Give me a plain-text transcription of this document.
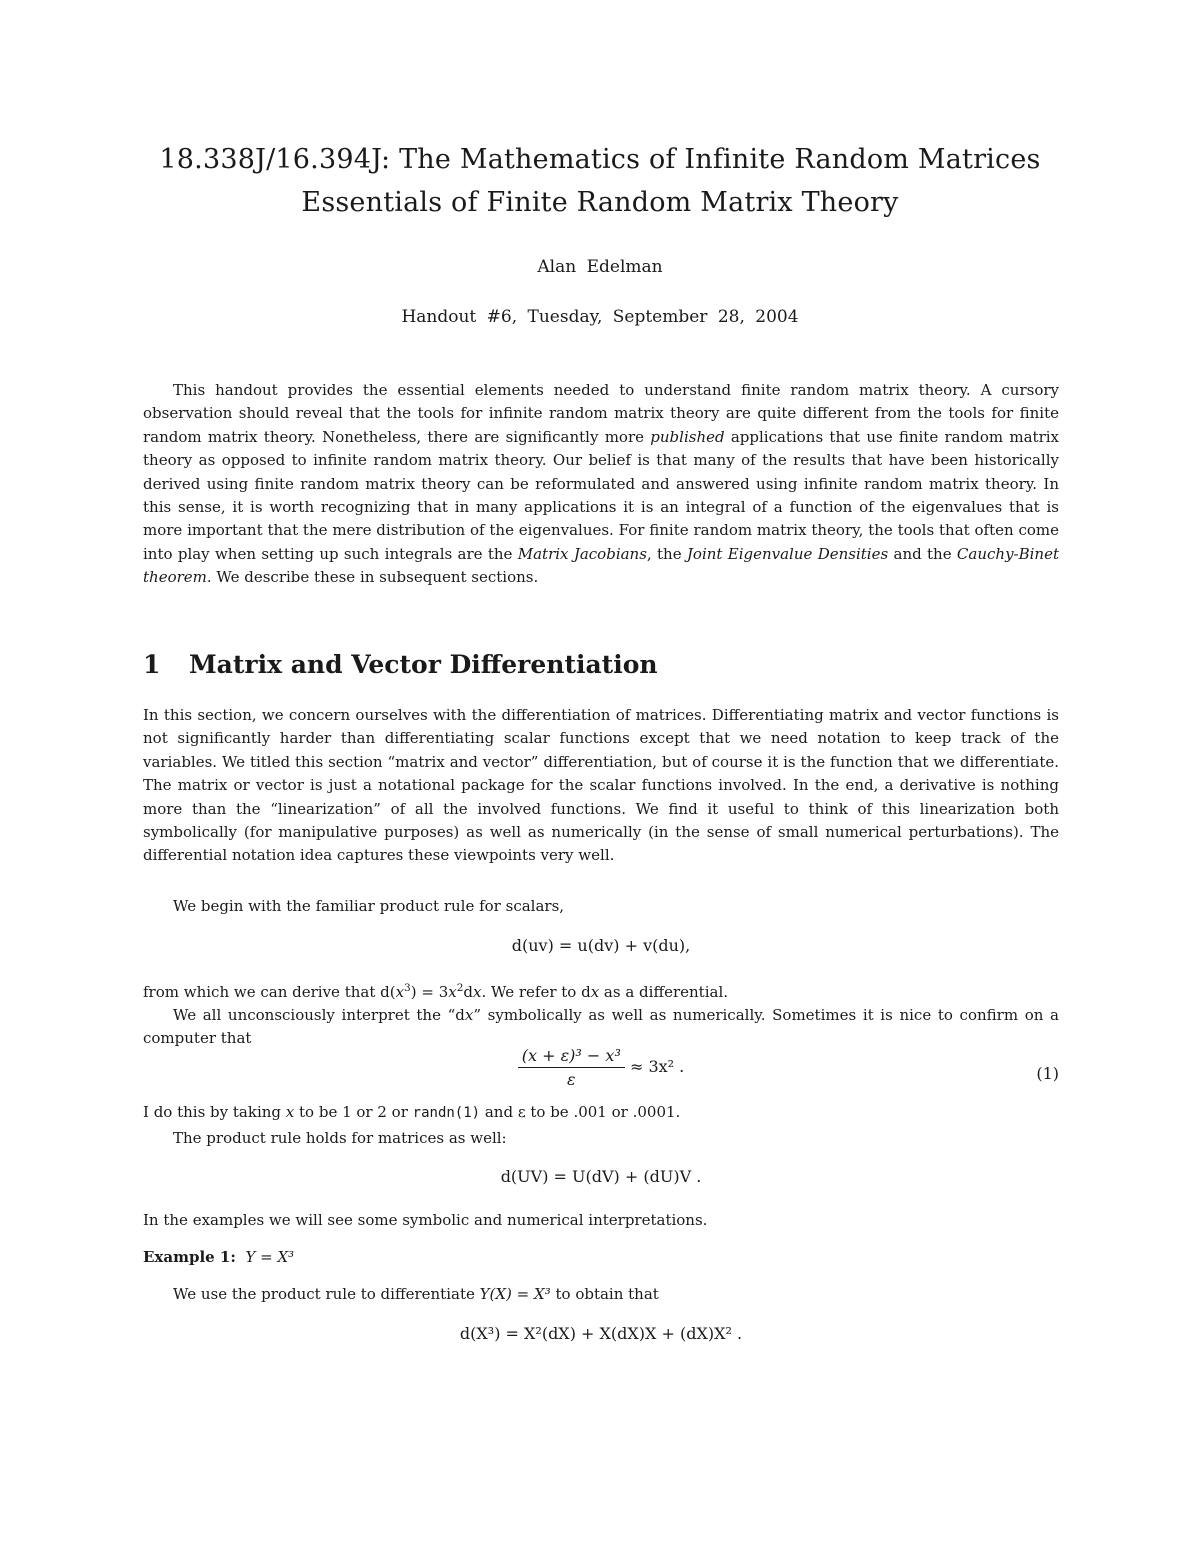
18.338J/16.394J: The Mathematics of Infinite Random Matrices
Essentials of Finite Random Matrix Theory
Alan Edelman
Handout #6, Tuesday, September 28, 2004

This handout provides the essential elements needed to understand finite random matrix theory. A cursory observation should reveal that the tools for infinite random matrix theory are quite different from the tools for finite random matrix theory. Nonetheless, there are significantly more published applications that use finite random matrix theory as opposed to infinite random matrix theory. Our belief is that many of the results that have been historically derived using finite random matrix theory can be reformulated and answered using infinite random matrix theory. In this sense, it is worth recognizing that in many applications it is an integral of a function of the eigenvalues that is more important that the mere distribution of the eigenvalues. For finite random matrix theory, the tools that often come into play when setting up such integrals are the Matrix Jacobians, the Joint Eigenvalue Densities and the Cauchy-Binet theorem. We describe these in subsequent sections.

1 Matrix and Vector Differentiation

In this section, we concern ourselves with the differentiation of matrices. Differentiating matrix and vector functions is not significantly harder than differentiating scalar functions except that we need notation to keep track of the variables. We titled this section “matrix and vector” differentiation, but of course it is the function that we differentiate. The matrix or vector is just a notational package for the scalar functions involved. In the end, a derivative is nothing more than the “linearization” of all the involved functions. We find it useful to think of this linearization both symbolically (for manipulative purposes) as well as numerically (in the sense of small numerical perturbations). The differential notation idea captures these viewpoints very well.

We begin with the familiar product rule for scalars,

d(uv) = u(dv) + v(du),

from which we can derive that $d(x^3) = 3x^2dx$. We refer to dx as a differential.

We all unconsciously interpret the “dx” symbolically as well as numerically. Sometimes it is nice to confirm on a computer that

$\frac{\text{(x + ε)³ − x³}}{\varepsilon} \approx 3x^2$ .	(1)

I do this by taking x to be 1 or 2 or randn(1) and ε to be .001 or .0001.

The product rule holds for matrices as well:

d(UV) = U(dV) + (dU)V .

In the examples we will see some symbolic and numerical interpretations.

Example 1: Y = X³

We use the product rule to differentiate Y(X) = X³ to obtain that

d(X³) = X²(dX) + X(dX)X + (dX)X² .
